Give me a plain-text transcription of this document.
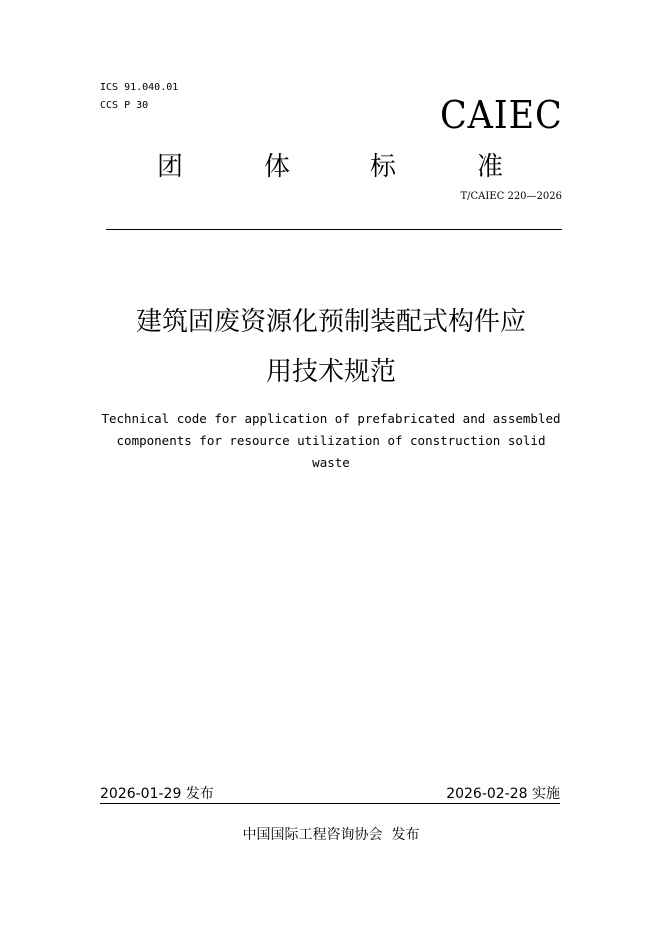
ICS 91.040.01
CCS P 30	CAIEC
团	体	标	准
T/CAIEC 220—2026
建筑固废资源化预制装配式构件应
用技术规范
Technical code for application of prefabricated and assembled
components for resource utilization of construction solid
waste
2026-01-29 发布	2026-02-28 实施
中国国际工程咨询协会  发布
